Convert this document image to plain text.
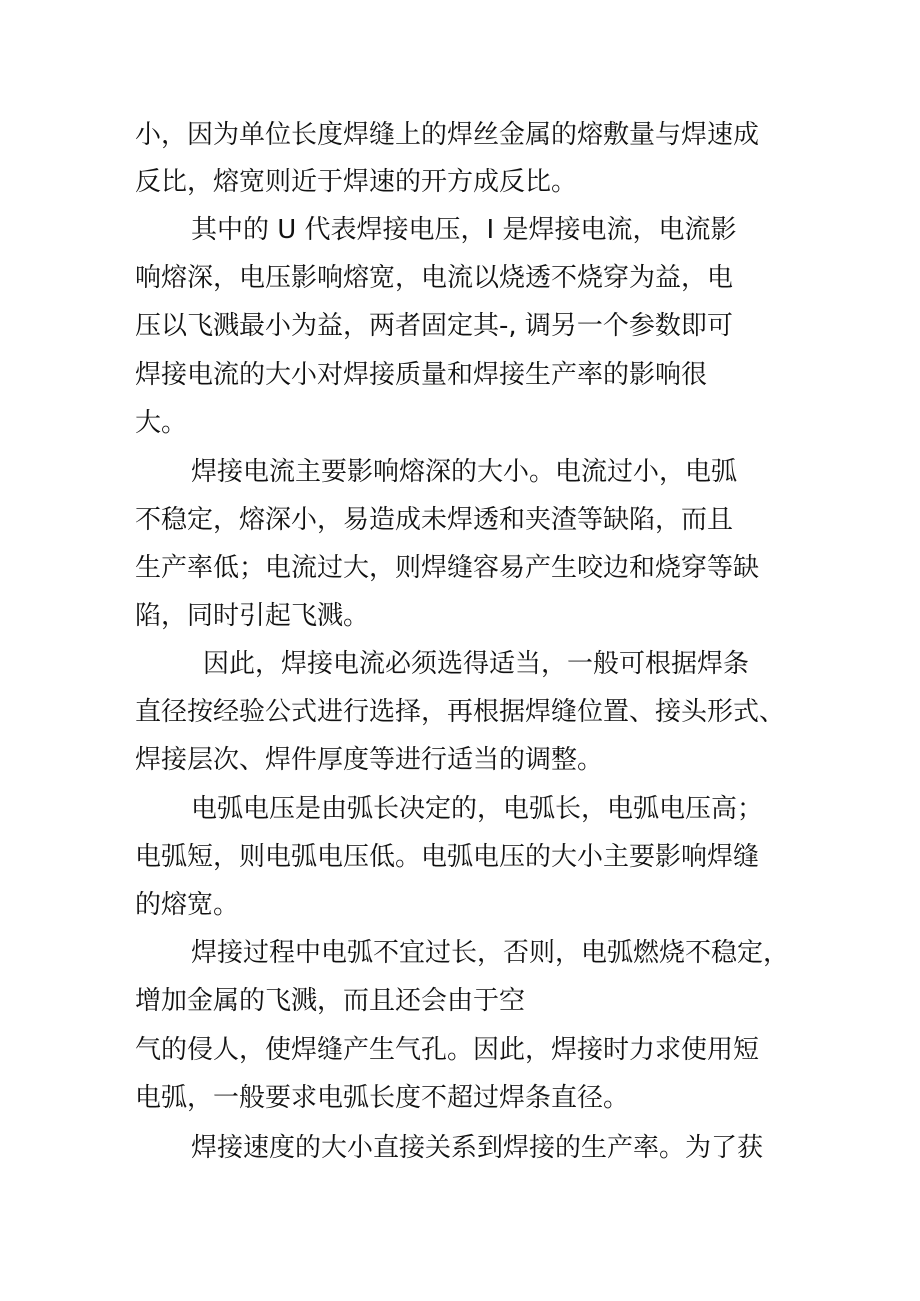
小，因为单位长度焊缝上的焊丝金属的熔敷量与焊速成
反比，熔宽则近于焊速的开方成反比。
其中的 U 代表焊接电压，I 是焊接电流，电流影
响熔深，电压影响熔宽，电流以烧透不烧穿为益，电
压以飞溅最小为益，两者固定其-, 调另一个参数即可
焊接电流的大小对焊接质量和焊接生产率的影响很
大。
焊接电流主要影响熔深的大小。电流过小，电弧
不稳定，熔深小，易造成未焊透和夹渣等缺陷，而且
生产率低；电流过大，则焊缝容易产生咬边和烧穿等缺
陷，同时引起飞溅。
因此，焊接电流必须选得适当，一般可根据焊条
直径按经验公式进行选择，再根据焊缝位置、接头形式、
焊接层次、焊件厚度等进行适当的调整。
电弧电压是由弧长决定的，电弧长，电弧电压高；
电弧短，则电弧电压低。电弧电压的大小主要影响焊缝
的熔宽。
焊接过程中电弧不宜过长，否则，电弧燃烧不稳定，
增加金属的飞溅，而且还会由于空
气的侵人，使焊缝产生气孔。因此，焊接时力求使用短
电弧，一般要求电弧长度不超过焊条直径。
焊接速度的大小直接关系到焊接的生产率。为了获
